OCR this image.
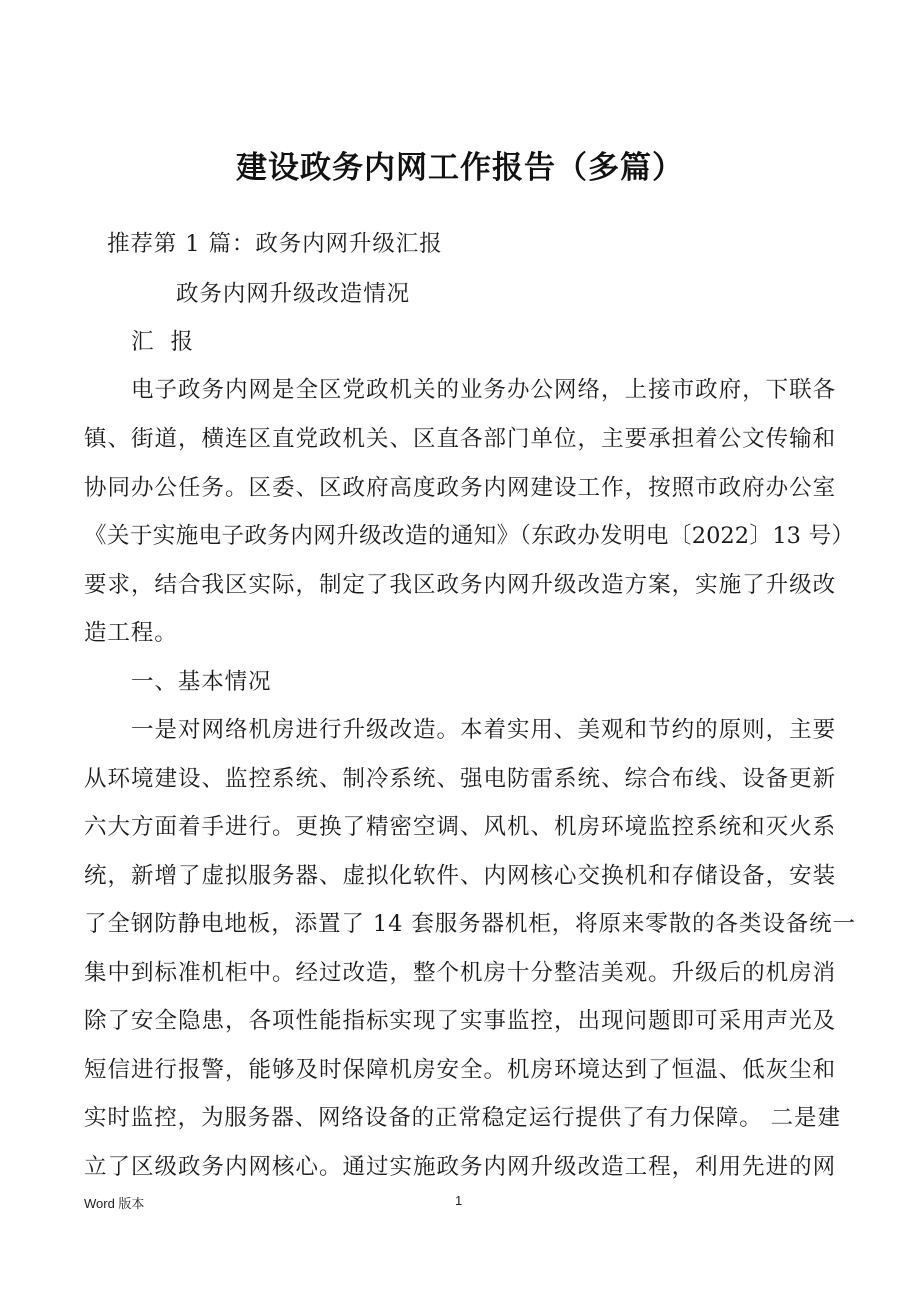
建设政务内网工作报告（多篇）
推荐第 1 篇：政务内网升级汇报
政务内网升级改造情况
汇  报
电子政务内网是全区党政机关的业务办公网络，上接市政府，下联各
镇、街道，横连区直党政机关、区直各部门单位，主要承担着公文传输和
协同办公任务。区委、区政府高度政务内网建设工作，按照市政府办公室
《关于实施电子政务内网升级改造的通知》（东政办发明电〔2022〕13 号）
要求，结合我区实际，制定了我区政务内网升级改造方案，实施了升级改
造工程。
一、基本情况
一是对网络机房进行升级改造。本着实用、美观和节约的原则，主要
从环境建设、监控系统、制冷系统、强电防雷系统、综合布线、设备更新
六大方面着手进行。更换了精密空调、风机、机房环境监控系统和灭火系
统，新增了虚拟服务器、虚拟化软件、内网核心交换机和存储设备，安装
了全钢防静电地板，添置了 14 套服务器机柜，将原来零散的各类设备统一
集中到标准机柜中。经过改造，整个机房十分整洁美观。升级后的机房消
除了安全隐患，各项性能指标实现了实事监控，出现问题即可采用声光及
短信进行报警，能够及时保障机房安全。机房环境达到了恒温、低灰尘和
实时监控，为服务器、网络设备的正常稳定运行提供了有力保障。 二是建
立了区级政务内网核心。通过实施政务内网升级改造工程，利用先进的网
Word 版本	1
